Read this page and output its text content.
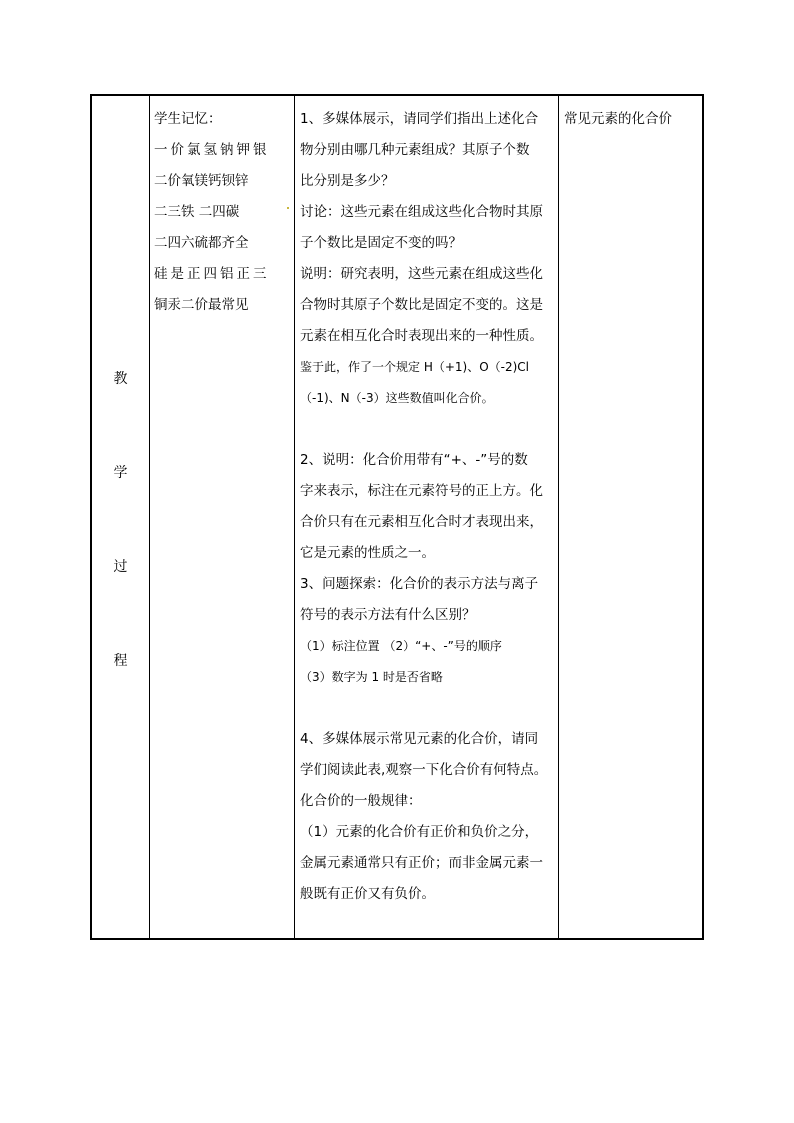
教
学
过
程
学生记忆：
一价氯氢钠钾银
二价氧镁钙钡锌
二三铁 二四碳
二四六硫都齐全
硅是正四铝正三
铜汞二价最常见
1、多媒体展示，请同学们指出上述化合
物分别由哪几种元素组成？其原子个数
比分别是多少？
讨论：这些元素在组成这些化合物时其原
子个数比是固定不变的吗？
说明：研究表明，这些元素在组成这些化
合物时其原子个数比是固定不变的。这是
元素在相互化合时表现出来的一种性质。
鉴于此，作了一个规定 H（+1)、O（-2)Cl
（-1)、N（-3）这些数值叫化合价。
2、说明：化合价用带有“+、-”号的数
字来表示，标注在元素符号的正上方。化
合价只有在元素相互化合时才表现出来，
它是元素的性质之一。
3、问题探索：化合价的表示方法与离子
符号的表示方法有什么区别？
（1）标注位置 （2）“+、-”号的顺序
（3）数字为 1 时是否省略
4、多媒体展示常见元素的化合价，请同
学们阅读此表,观察一下化合价有何特点。
化合价的一般规律：
（1）元素的化合价有正价和负价之分，
金属元素通常只有正价；而非金属元素一
般既有正价又有负价。
常见元素的化合价
